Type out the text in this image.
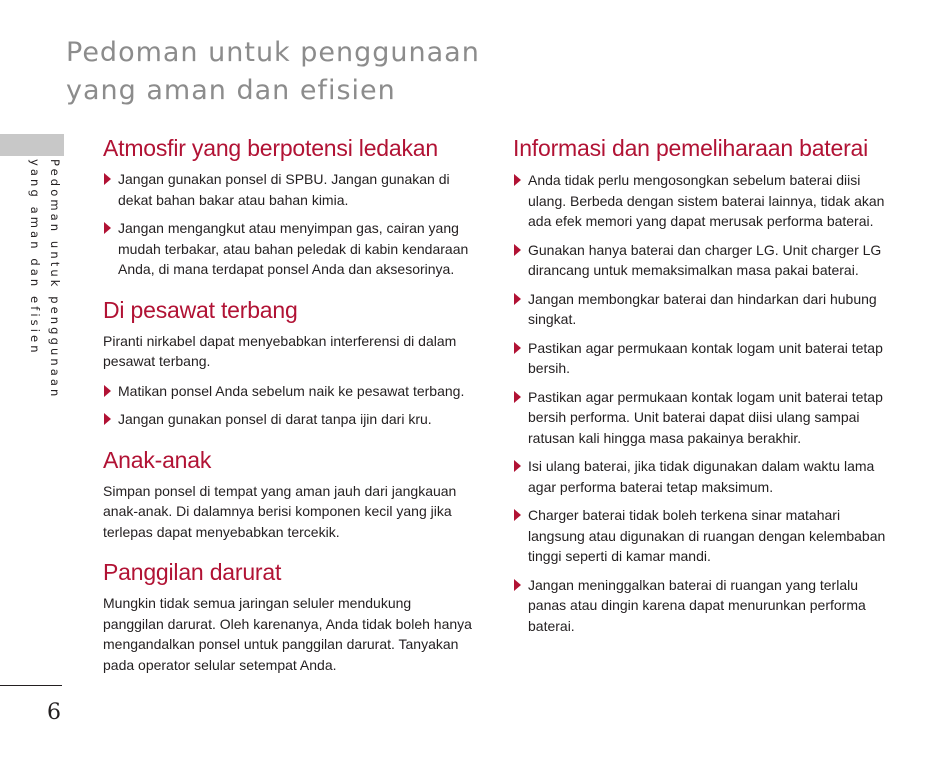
Pedoman untuk penggunaan
yang aman dan efisien
Pedoman untuk penggunaan
yang aman dan efisien
6
Atmosfir yang berpotensi ledakan
Jangan gunakan ponsel di SPBU. Jangan gunakan di dekat bahan bakar atau bahan kimia.
Jangan mengangkut atau menyimpan gas, cairan yang mudah terbakar, atau bahan peledak di kabin kendaraan Anda, di mana terdapat ponsel Anda dan aksesorinya.
Di pesawat terbang

Piranti nirkabel dapat menyebabkan interferensi di dalam pesawat terbang.

Matikan ponsel Anda sebelum naik ke pesawat terbang.
Jangan gunakan ponsel di darat tanpa ijin dari kru.
Anak-anak

Simpan ponsel di tempat yang aman jauh dari jangkauan anak-anak. Di dalamnya berisi komponen kecil yang jika terlepas dapat menyebabkan tercekik.

Panggilan darurat

Mungkin tidak semua jaringan seluler mendukung panggilan darurat. Oleh karenanya, Anda tidak boleh hanya mengandalkan ponsel untuk panggilan darurat. Tanyakan pada operator selular setempat Anda.

Informasi dan pemeliharaan baterai
Anda tidak perlu mengosongkan sebelum baterai diisi ulang. Berbeda dengan sistem baterai lainnya, tidak akan ada efek memori yang dapat merusak performa baterai.
Gunakan hanya baterai dan charger LG. Unit charger LG dirancang untuk memaksimalkan masa pakai baterai.
Jangan membongkar baterai dan hindarkan dari hubung singkat.
Pastikan agar permukaan kontak logam unit baterai tetap bersih.
Pastikan agar permukaan kontak logam unit baterai tetap bersih performa. Unit baterai dapat diisi ulang sampai ratusan kali hingga masa pakainya berakhir.
Isi ulang baterai, jika tidak digunakan dalam waktu lama agar performa baterai tetap maksimum.
Charger baterai tidak boleh terkena sinar matahari langsung atau digunakan di ruangan dengan kelembaban tinggi seperti di kamar mandi.
Jangan meninggalkan baterai di ruangan yang terlalu panas atau dingin karena dapat menurunkan performa baterai.
